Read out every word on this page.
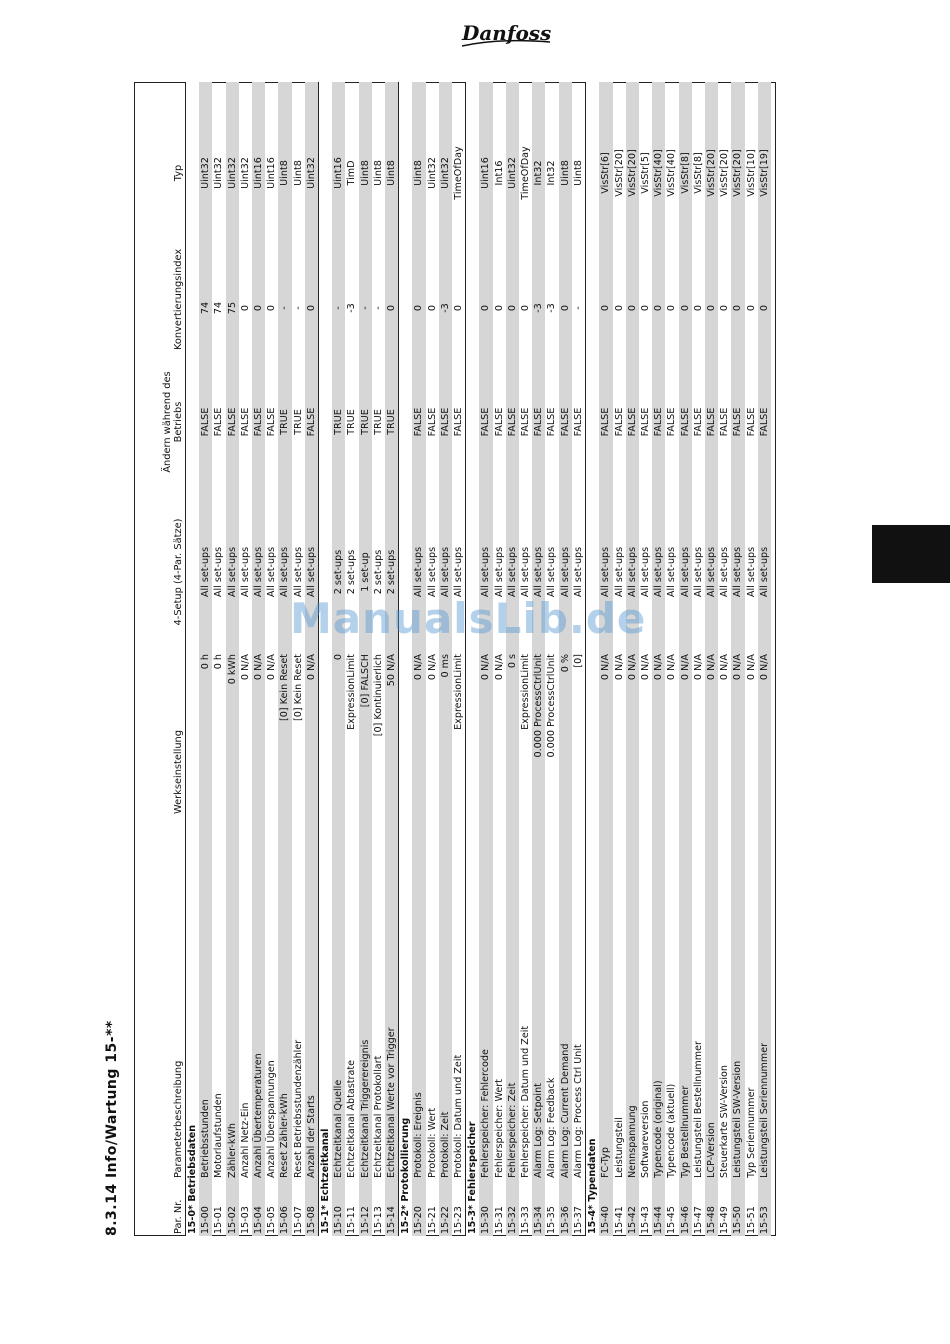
Danfoss
8.3.14 Info/Wartung 15-**	Par. Nr.	Parameterbeschreibung	Werkseinstellung	4-Setup (4-Par. Sätze)	Ändern während des Betriebs	Konvertierungsindex	Typ
15-0* Betriebsdaten						
15-00	Betriebsstunden	0 h	All set-ups	FALSE	74	Uint32
15-01	Motorlaufstunden	0 h	All set-ups	FALSE	74	Uint32
15-02	Zähler-kWh	0 kWh	All set-ups	FALSE	75	Uint32
15-03	Anzahl Netz-Ein	0 N/A	All set-ups	FALSE	0	Uint32
15-04	Anzahl Übertemperaturen	0 N/A	All set-ups	FALSE	0	Uint16
15-05	Anzahl Überspannungen	0 N/A	All set-ups	FALSE	0	Uint16
15-06	Reset Zähler-kWh	[0] Kein Reset	All set-ups	TRUE	-	Uint8
15-07	Reset Betriebsstundenzähler	[0] Kein Reset	All set-ups	TRUE	-	Uint8
15-08	Anzahl der Starts	0 N/A	All set-ups	FALSE	0	Uint32
15-1* Echtzeitkanal						
15-10	Echtzeitkanal Quelle	0	2 set-ups	TRUE	-	Uint16
15-11	Echtzeitkanal Abtastrate	ExpressionLimit	2 set-ups	TRUE	-3	TimD
15-12	Echtzeitkanal Triggerereignis	[0] FALSCH	1 set-up	TRUE	-	Uint8
15-13	Echtzeitkanal Protokollart	[0] Kontinuierlich	2 set-ups	TRUE	-	Uint8
15-14	Echtzeitkanal Werte vor Trigger	50 N/A	2 set-ups	TRUE	0	Uint8
15-2* Protokollierung						
15-20	Protokoll: Ereignis	0 N/A	All set-ups	FALSE	0	Uint8
15-21	Protokoll: Wert	0 N/A	All set-ups	FALSE	0	Uint32
15-22	Protokoll: Zeit	0 ms	All set-ups	FALSE	-3	Uint32
15-23	Protokoll: Datum und Zeit	ExpressionLimit	All set-ups	FALSE	0	TimeOfDay
15-3* Fehlerspeicher						
15-30	Fehlerspeicher: Fehlercode	0 N/A	All set-ups	FALSE	0	Uint16
15-31	Fehlerspeicher: Wert	0 N/A	All set-ups	FALSE	0	Int16
15-32	Fehlerspeicher: Zeit	0 s	All set-ups	FALSE	0	Uint32
15-33	Fehlerspeicher: Datum und Zeit	ExpressionLimit	All set-ups	FALSE	0	TimeOfDay
15-34	Alarm Log: Setpoint	0.000 ProcessCtrlUnit	All set-ups	FALSE	-3	Int32
15-35	Alarm Log: Feedback	0.000 ProcessCtrlUnit	All set-ups	FALSE	-3	Int32
15-36	Alarm Log: Current Demand	0 %	All set-ups	FALSE	0	Uint8
15-37	Alarm Log: Process Ctrl Unit	[0]	All set-ups	FALSE	-	Uint8
15-4* Typendaten						
15-40	FC-Typ	0 N/A	All set-ups	FALSE	0	VisStr[6]
15-41	Leistungsteil	0 N/A	All set-ups	FALSE	0	VisStr[20]
15-42	Nennspannung	0 N/A	All set-ups	FALSE	0	VisStr[20]
15-43	Softwareversion	0 N/A	All set-ups	FALSE	0	VisStr[5]
15-44	Typencode (original)	0 N/A	All set-ups	FALSE	0	VisStr[40]
15-45	Typencode (aktuell)	0 N/A	All set-ups	FALSE	0	VisStr[40]
15-46	Typ Bestellnummer	0 N/A	All set-ups	FALSE	0	VisStr[8]
15-47	Leistungsteil Bestellnummer	0 N/A	All set-ups	FALSE	0	VisStr[8]
15-48	LCP-Version	0 N/A	All set-ups	FALSE	0	VisStr[20]
15-49	Steuerkarte SW-Version	0 N/A	All set-ups	FALSE	0	VisStr[20]
15-50	Leistungsteil SW-Version	0 N/A	All set-ups	FALSE	0	VisStr[20]
15-51	Typ Seriennummer	0 N/A	All set-ups	FALSE	0	VisStr[10]
15-53	Leistungsteil Seriennummer	0 N/A	All set-ups	FALSE	0	VisStr[19]
ManualsLib.de
